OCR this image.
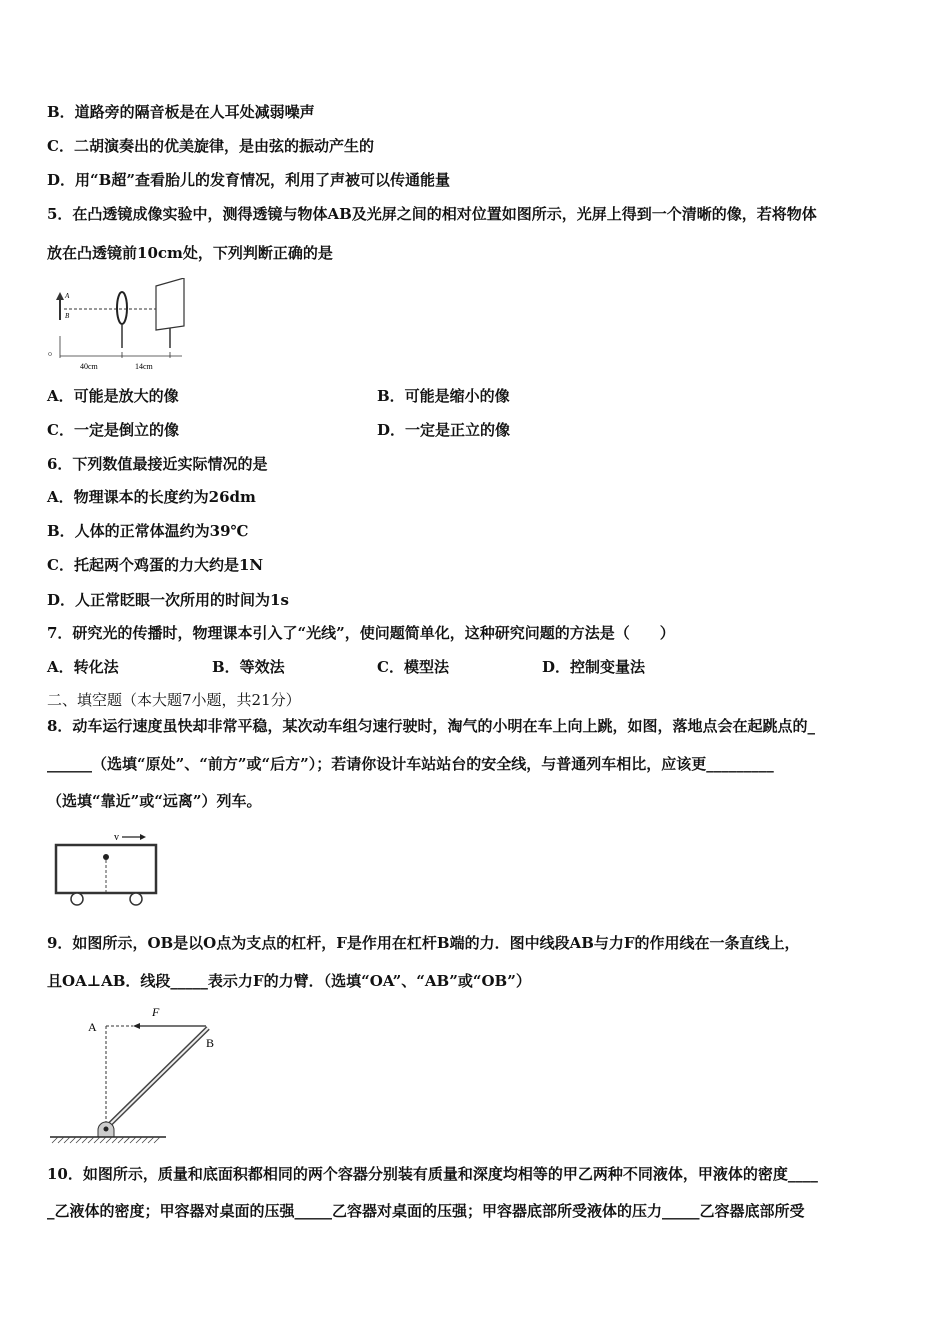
B．道路旁的隔音板是在人耳处减弱噪声
C．二胡演奏出的优美旋律，是由弦的振动产生的
D．用“B超”查看胎儿的发育情况，利用了声被可以传通能量
5．在凸透镜成像实验中，测得透镜与物体AB及光屏之间的相对位置如图所示，光屏上得到一个清晰的像，若将物体
放在凸透镜前10cm处，下列判断正确的是
A
B
40cm	14cm
A．可能是放大的像	B．可能是缩小的像
C．一定是倒立的像	D．一定是正立的像
6．下列数值最接近实际情况的是
A．物理课本的长度约为26dm
B．人体的正常体温约为39℃
C．托起两个鸡蛋的力大约是1N
D．人正常眨眼一次所用的时间为1s
7．研究光的传播时，物理课本引入了“光线”，使问题简单化，这种研究问题的方法是（　　）
A．转化法	B．等效法	C．模型法	D．控制变量法
二、填空题（本大题7小题，共21分）
8．动车运行速度虽快却非常平稳，某次动车组匀速行驶时，淘气的小明在车上向上跳，如图，落地点会在起跳点的_
______（选填“原处”、“前方”或“后方”）；若请你设计车站站台的安全线，与普通列车相比，应该更_________
（选填“靠近”或“远离”）列车。
v
9．如图所示，OB是以O点为支点的杠杆，F是作用在杠杆B端的力．图中线段AB与力F的作用线在一条直线上，
且OA⊥AB．线段_____表示力F的力臂．（选填“OA”、“AB”或“OB”）
A
F
B
10．如图所示，质量和底面积都相同的两个容器分别装有质量和深度均相等的甲乙两种不同液体，甲液体的密度____
_乙液体的密度；甲容器对桌面的压强_____乙容器对桌面的压强；甲容器底部所受液体的压力_____乙容器底部所受
